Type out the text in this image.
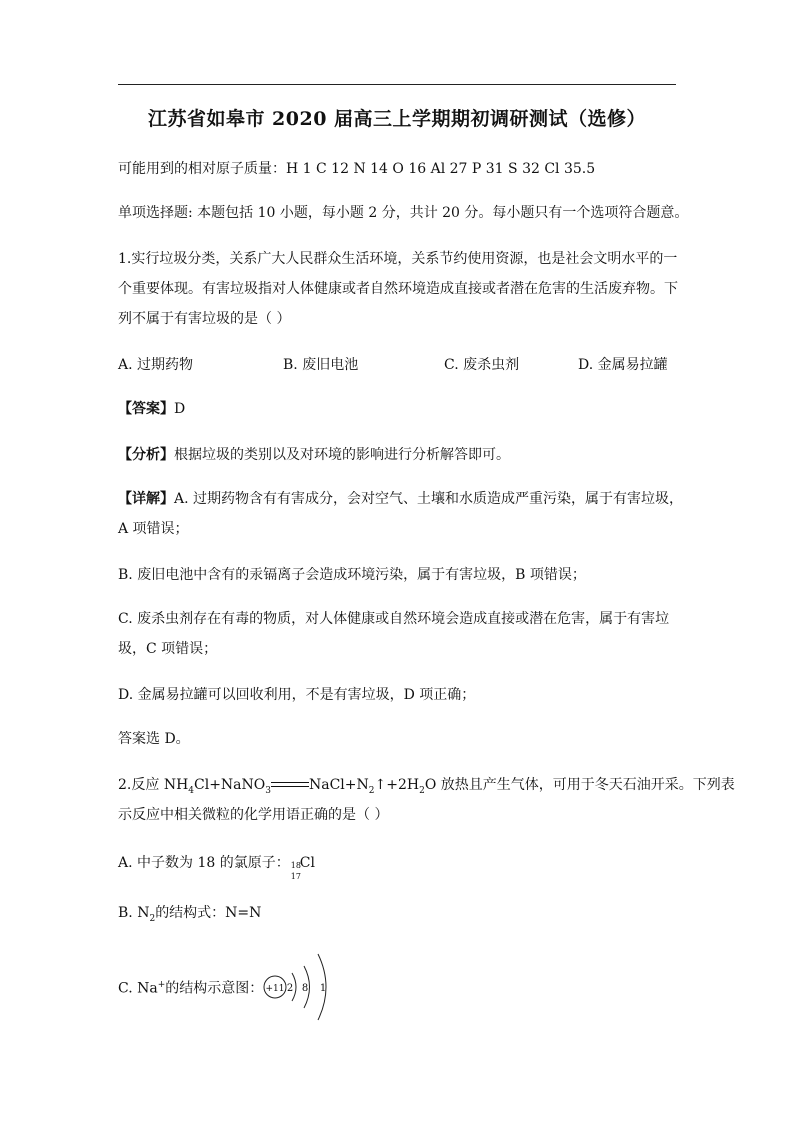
江苏省如皋市 2020 届高三上学期期初调研测试（选修）
可能用到的相对原子质量：H 1 C 12 N 14 O 16 Al 27 P 31 S 32 Cl 35.5
单项选择题: 本题包括 10 小题，每小题 2 分，共计 20 分。每小题只有一个选项符合题意。
1.实行垃圾分类，关系广大人民群众生活环境，关系节约使用资源，也是社会文明水平的一
个重要体现。有害垃圾指对人体健康或者自然环境造成直接或者潜在危害的生活废弃物。下
列不属于有害垃圾的是（ ）
A. 过期药物	B. 废旧电池	C. 废杀虫剂	D. 金属易拉罐
【答案】D
【分析】根据垃圾的类别以及对环境的影响进行分析解答即可。
【详解】A. 过期药物含有有害成分，会对空气、土壤和水质造成严重污染，属于有害垃圾，
A 项错误；
B. 废旧电池中含有的汞镉离子会造成环境污染，属于有害垃圾，B 项错误；
C. 废杀虫剂存在有毒的物质，对人体健康或自然环境会造成直接或潜在危害，属于有害垃
圾，C 项错误；
D. 金属易拉罐可以回收利用，不是有害垃圾，D 项正确；
答案选 D。
2.反应 $NH_4Cl+NaNO_3$	$NaCl+N_2↑+2H_2O$ 放热且产生气体，可用于冬天石油开采。下列表
示反应中相关微粒的化学用语正确的是（ ）
A. 中子数为 18 的氯原子： 18
17
Cl
B. $N_2$的结构式：N=N
C. Na+的结构示意图： +11 2 8 1
